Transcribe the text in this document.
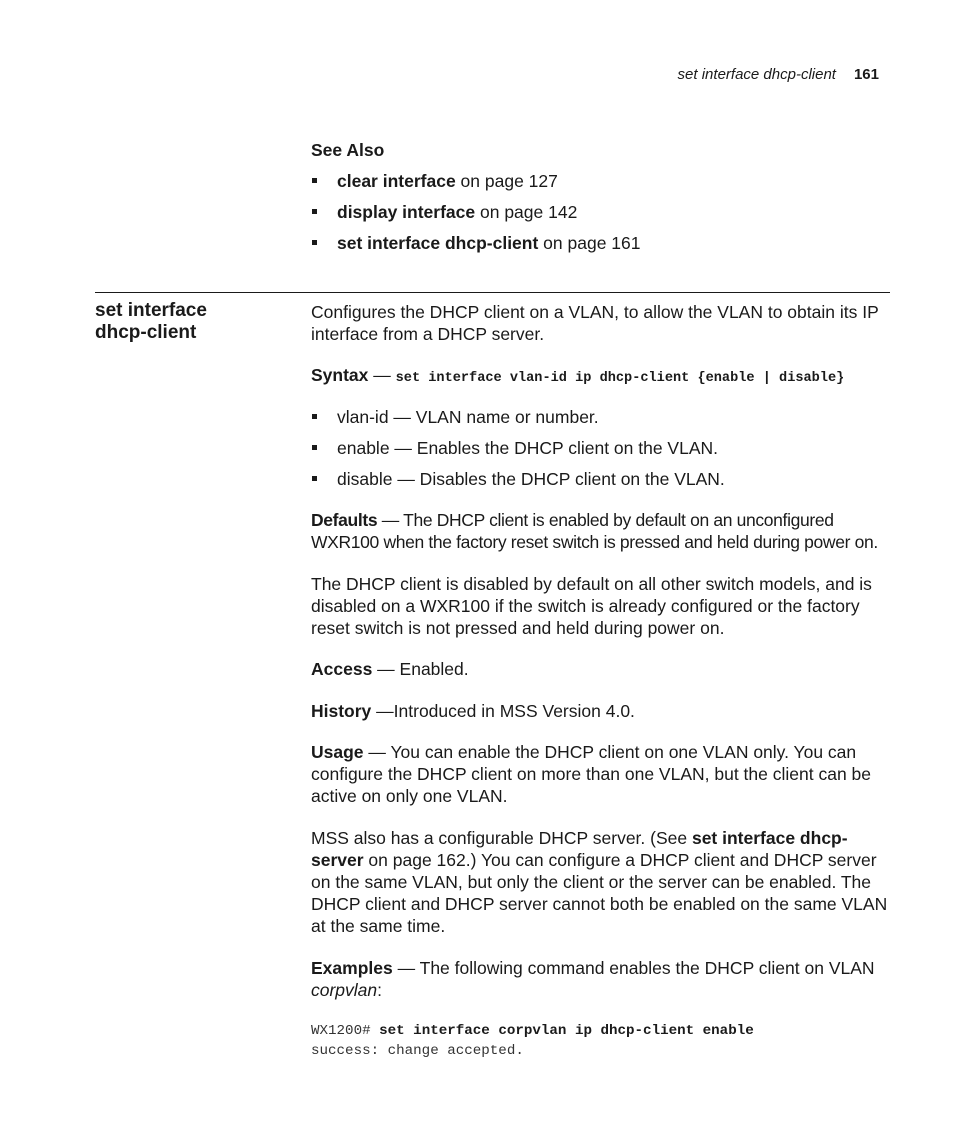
set interface dhcp-client 161
See Also
clear interface on page 127
display interface on page 142
set interface dhcp-client on page 161
set interface
dhcp-client

Configures the DHCP client on a VLAN, to allow the VLAN to obtain its IP interface from a DHCP server.

Syntax — set interface vlan-id ip dhcp-client {enable | disable}
vlan-id — VLAN name or number.
enable — Enables the DHCP client on the VLAN.
disable — Disables the DHCP client on the VLAN.

Defaults — The DHCP client is enabled by default on an unconfigured WXR100 when the factory reset switch is pressed and held during power on.

The DHCP client is disabled by default on all other switch models, and is disabled on a WXR100 if the switch is already configured or the factory reset switch is not pressed and held during power on.

Access — Enabled.

History —Introduced in MSS Version 4.0.

Usage — You can enable the DHCP client on one VLAN only. You can configure the DHCP client on more than one VLAN, but the client can be active on only one VLAN.

MSS also has a configurable DHCP server. (See set interface dhcp-server on page 162.) You can configure a DHCP client and DHCP server on the same VLAN, but only the client or the server can be enabled. The DHCP client and DHCP server cannot both be enabled on the same VLAN at the same time.

Examples — The following command enables the DHCP client on VLAN corpvlan:

WX1200# set interface corpvlan ip dhcp-client enable
success: change accepted.
